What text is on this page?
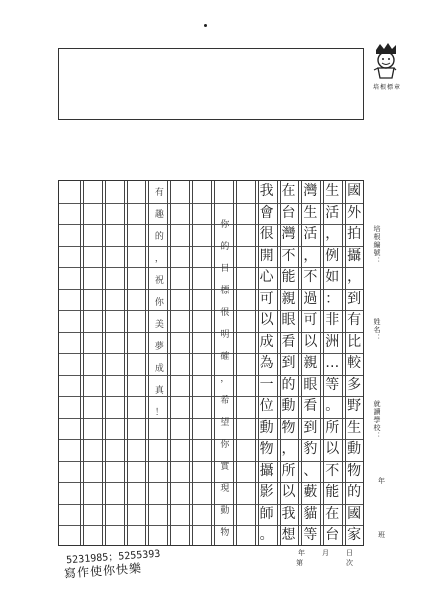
培根標章
國
外
拍
攝
，
到
有
比
較
多
野
生
動
物
的
國
家
生
活
，
例
如
：
非
洲
…
等
。
所
以
不
能
在
台
灣
生
活
，
不
過
可
以
親
眼
看
到
豹
、
藪
貓
等
在
台
灣
不
能
親
眼
看
到
的
動
物
，
所
以
我
想
我
會
很
開
心
可
以
成
為
一
位
動
物
攝
影
師
。
你
的
目
標
很
明
確
，
希
望
你
實
現
動
物
有
趣
的
，
祝
你
美
夢
成
真
！
培根編號：
姓名：
就讀學校：
年
班
年 月 日
第	次
5231985；5255393
寫作使你快樂
